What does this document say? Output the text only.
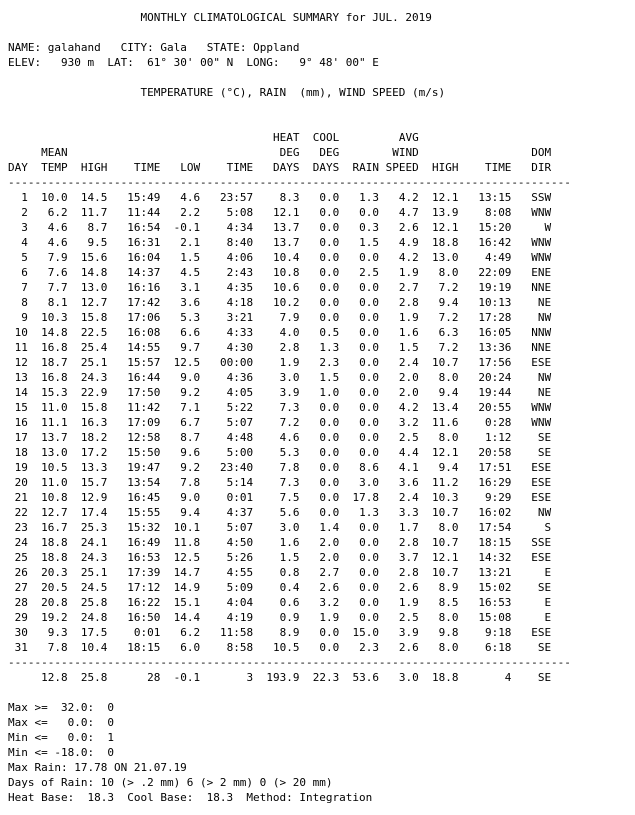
MONTHLY CLIMATOLOGICAL SUMMARY for JUL. 2019

NAME: galahand   CITY: Gala   STATE: Oppland
ELEV:   930 m  LAT:  61° 30' 00" N  LONG:   9° 48' 00" E

TEMPERATURE (°C), RAIN  (mm), WIND SPEED (m/s)

HEAT  COOL	AVG
MEAN	DEG   DEG	WIND	DOM
DAY  TEMP  HIGH    TIME   LOW    TIME   DAYS  DAYS  RAIN SPEED  HIGH    TIME   DIR
-------------------------------------------------------------------------------------
1  10.0  14.5   15:49   4.6   23:57    8.3   0.0   1.3   4.2  12.1   13:15   SSW
2   6.2  11.7   11:44   2.2    5:08   12.1   0.0   0.0   4.7  13.9    8:08   WNW
3   4.6   8.7   16:54  -0.1    4:34   13.7   0.0   0.3   2.6  12.1   15:20     W
4   4.6   9.5   16:31   2.1    8:40   13.7   0.0   1.5   4.9  18.8   16:42   WNW
5   7.9  15.6   16:04   1.5    4:06   10.4   0.0   0.0   4.2  13.0    4:49   WNW
6   7.6  14.8   14:37   4.5    2:43   10.8   0.0   2.5   1.9   8.0   22:09   ENE
7   7.7  13.0   16:16   3.1    4:35   10.6   0.0   0.0   2.7   7.2   19:19   NNE
8   8.1  12.7   17:42   3.6    4:18   10.2   0.0   0.0   2.8   9.4   10:13    NE
9  10.3  15.8   17:06   5.3    3:21    7.9   0.0   0.0   1.9   7.2   17:28    NW
10  14.8  22.5   16:08   6.6    4:33    4.0   0.5   0.0   1.6   6.3   16:05   NNW
11  16.8  25.4   14:55   9.7    4:30    2.8   1.3   0.0   1.5   7.2   13:36   NNE
12  18.7  25.1   15:57  12.5   00:00    1.9   2.3   0.0   2.4  10.7   17:56   ESE
13  16.8  24.3   16:44   9.0    4:36    3.0   1.5   0.0   2.0   8.0   20:24    NW
14  15.3  22.9   17:50   9.2    4:05    3.9   1.0   0.0   2.0   9.4   19:44    NE
15  11.0  15.8   11:42   7.1    5:22    7.3   0.0   0.0   4.2  13.4   20:55   WNW
16  11.1  16.3   17:09   6.7    5:07    7.2   0.0   0.0   3.2  11.6    0:28   WNW
17  13.7  18.2   12:58   8.7    4:48    4.6   0.0   0.0   2.5   8.0    1:12    SE
18  13.0  17.2   15:50   9.6    5:00    5.3   0.0   0.0   4.4  12.1   20:58    SE
19  10.5  13.3   19:47   9.2   23:40    7.8   0.0   8.6   4.1   9.4   17:51   ESE
20  11.0  15.7   13:54   7.8    5:14    7.3   0.0   3.0   3.6  11.2   16:29   ESE
21  10.8  12.9   16:45   9.0    0:01    7.5   0.0  17.8   2.4  10.3    9:29   ESE
22  12.7  17.4   15:55   9.4    4:37    5.6   0.0   1.3   3.3  10.7   16:02    NW
23  16.7  25.3   15:32  10.1    5:07    3.0   1.4   0.0   1.7   8.0   17:54     S
24  18.8  24.1   16:49  11.8    4:50    1.6   2.0   0.0   2.8  10.7   18:15   SSE
25  18.8  24.3   16:53  12.5    5:26    1.5   2.0   0.0   3.7  12.1   14:32   ESE
26  20.3  25.1   17:39  14.7    4:55    0.8   2.7   0.0   2.8  10.7   13:21     E
27  20.5  24.5   17:12  14.9    5:09    0.4   2.6   0.0   2.6   8.9   15:02    SE
28  20.8  25.8   16:22  15.1    4:04    0.6   3.2   0.0   1.9   8.5   16:53     E
29  19.2  24.8   16:50  14.4    4:19    0.9   1.9   0.0   2.5   8.0   15:08     E
30   9.3  17.5    0:01   6.2   11:58    8.9   0.0  15.0   3.9   9.8    9:18   ESE
31   7.8  10.4   18:15   6.0    8:58   10.5   0.0   2.3   2.6   8.0    6:18    SE
-------------------------------------------------------------------------------------
12.8  25.8      28  -0.1       3  193.9  22.3  53.6   3.0  18.8       4    SE

Max >=  32.0:  0
Max <=   0.0:  0
Min <=   0.0:  1
Min <= -18.0:  0
Max Rain: 17.78 ON 21.07.19
Days of Rain: 10 (> .2 mm) 6 (> 2 mm) 0 (> 20 mm)
Heat Base:  18.3  Cool Base:  18.3  Method: Integration
